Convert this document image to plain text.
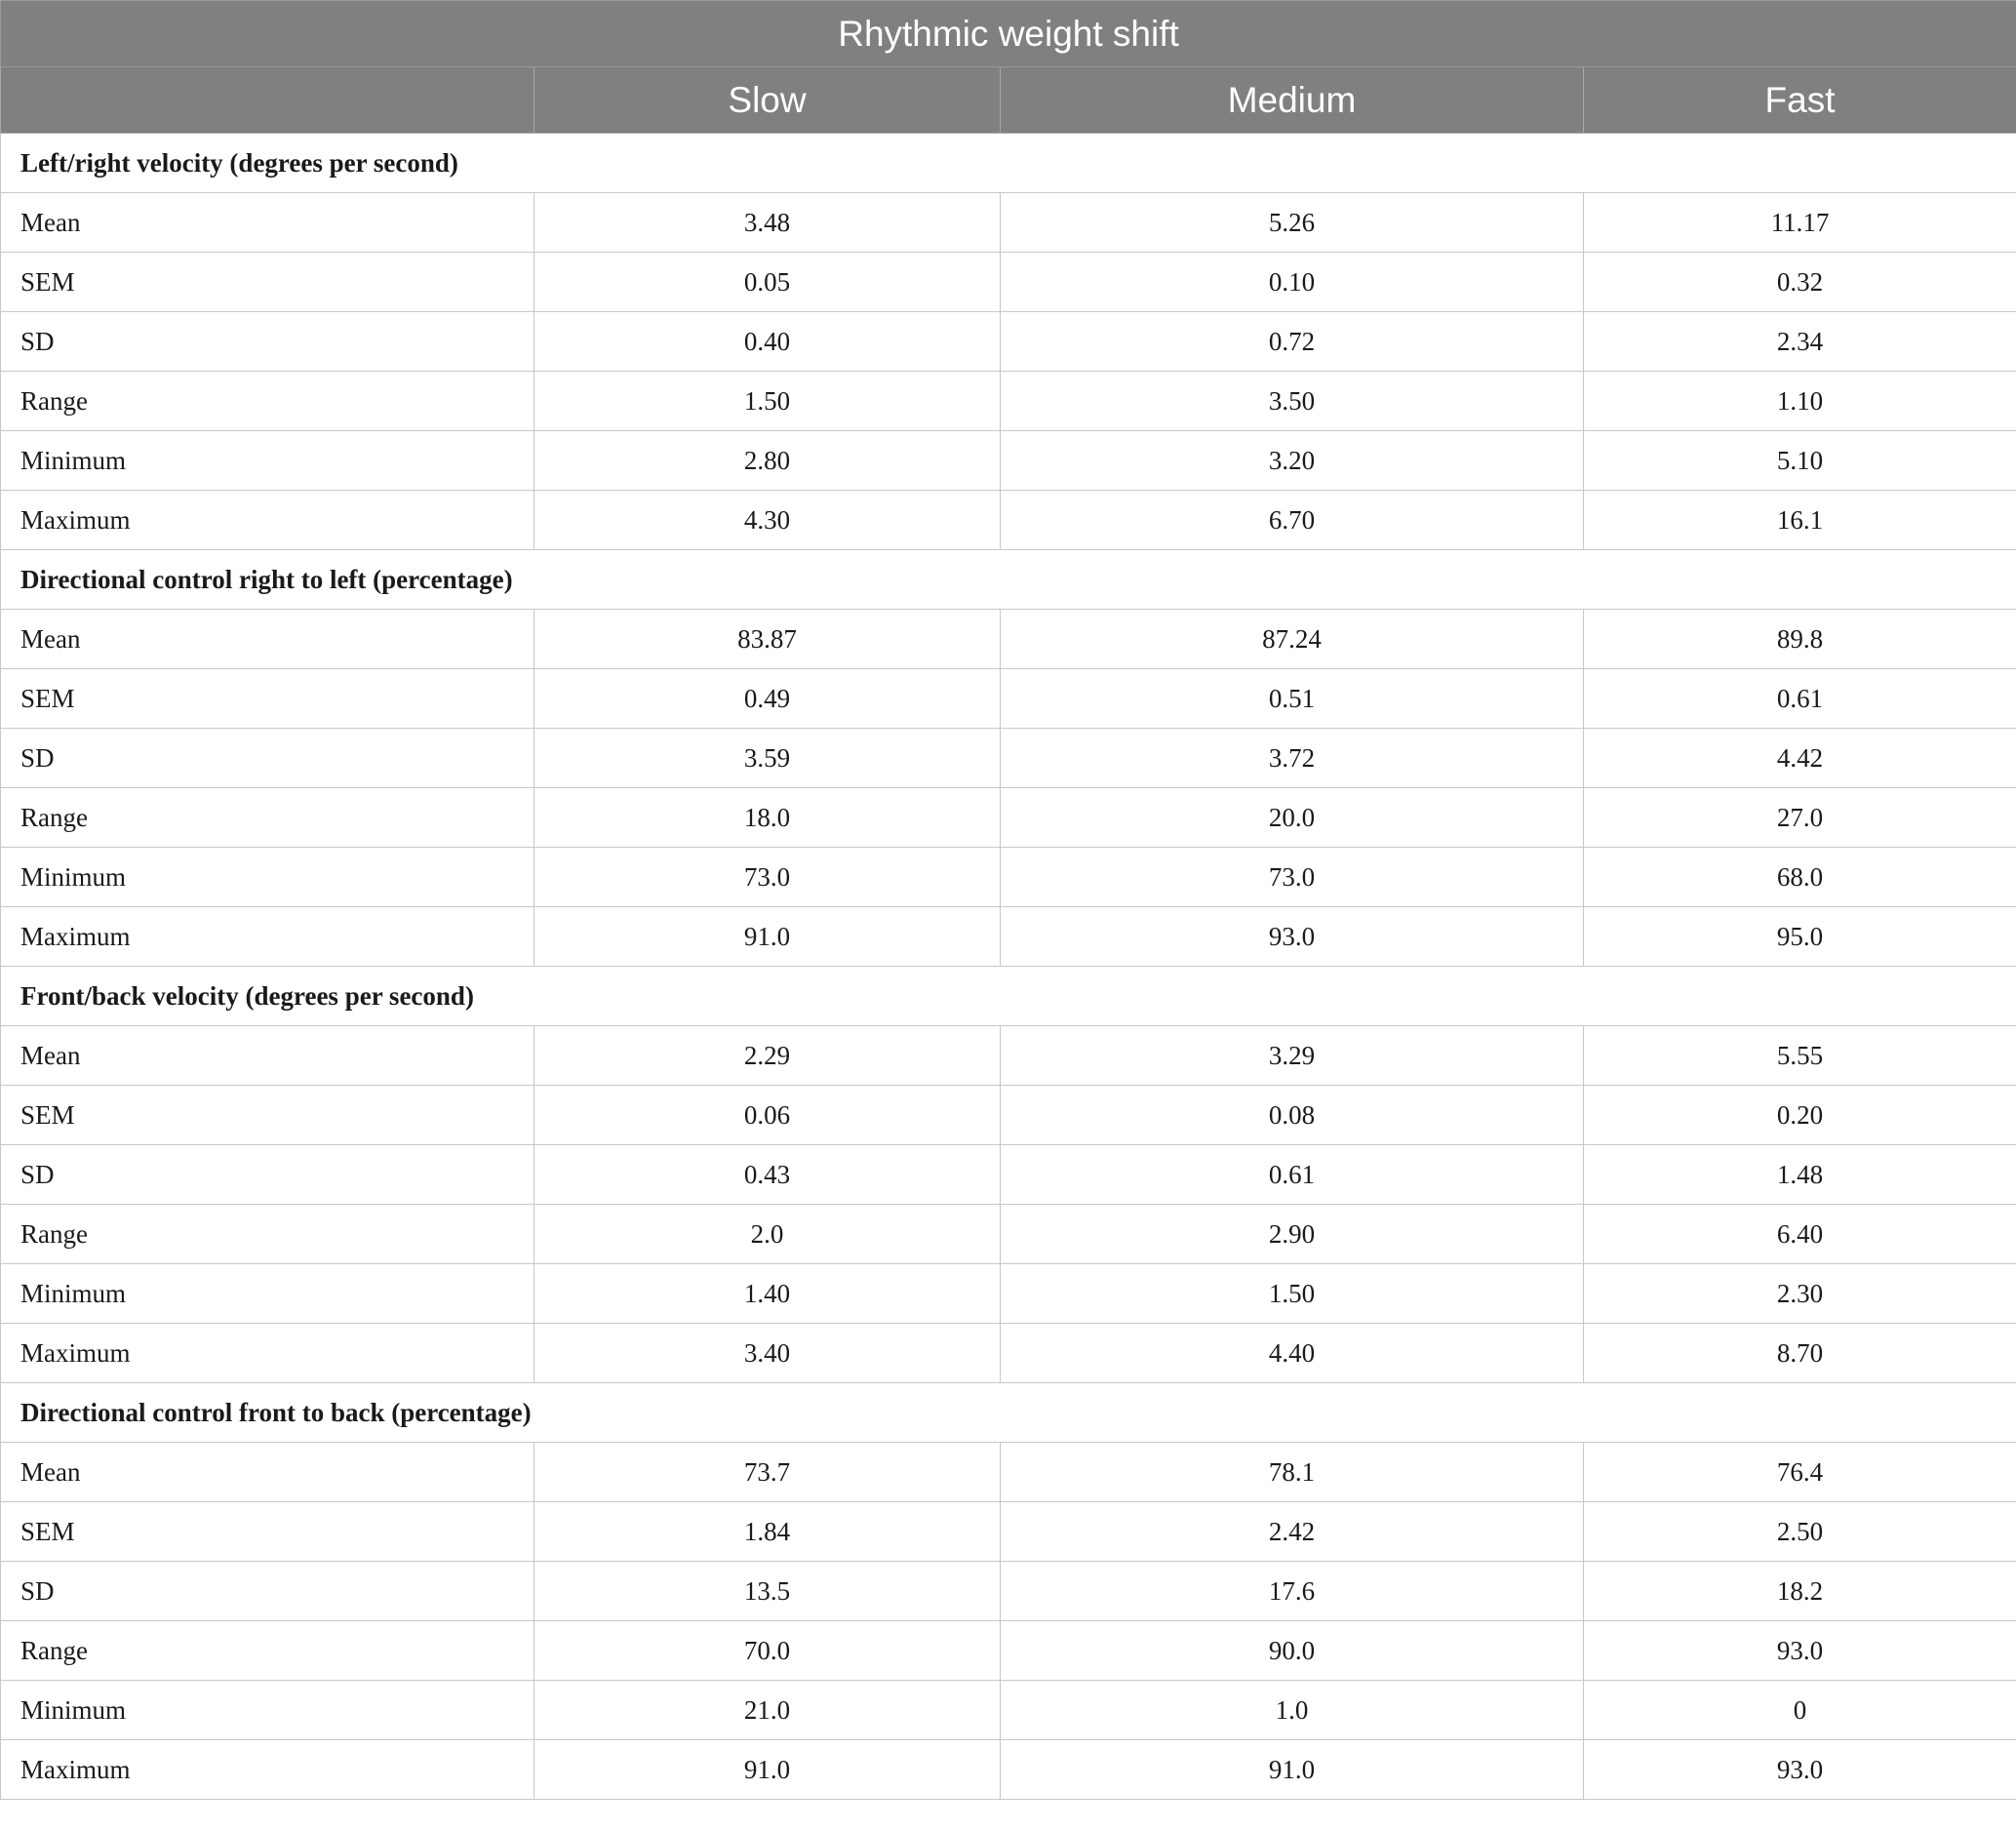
Rhythmic weight shift			
	Slow	Medium	Fast
Left/right velocity (degrees per second)			
Mean	3.48	5.26	11.17
SEM	0.05	0.10	0.32
SD	0.40	0.72	2.34
Range	1.50	3.50	1.10
Minimum	2.80	3.20	5.10
Maximum	4.30	6.70	16.1
Directional control right to left (percentage)			
Mean	83.87	87.24	89.8
SEM	0.49	0.51	0.61
SD	3.59	3.72	4.42
Range	18.0	20.0	27.0
Minimum	73.0	73.0	68.0
Maximum	91.0	93.0	95.0
Front/back velocity (degrees per second)			
Mean	2.29	3.29	5.55
SEM	0.06	0.08	0.20
SD	0.43	0.61	1.48
Range	2.0	2.90	6.40
Minimum	1.40	1.50	2.30
Maximum	3.40	4.40	8.70
Directional control front to back (percentage)			
Mean	73.7	78.1	76.4
SEM	1.84	2.42	2.50
SD	13.5	17.6	18.2
Range	70.0	90.0	93.0
Minimum	21.0	1.0	0
Maximum	91.0	91.0	93.0
